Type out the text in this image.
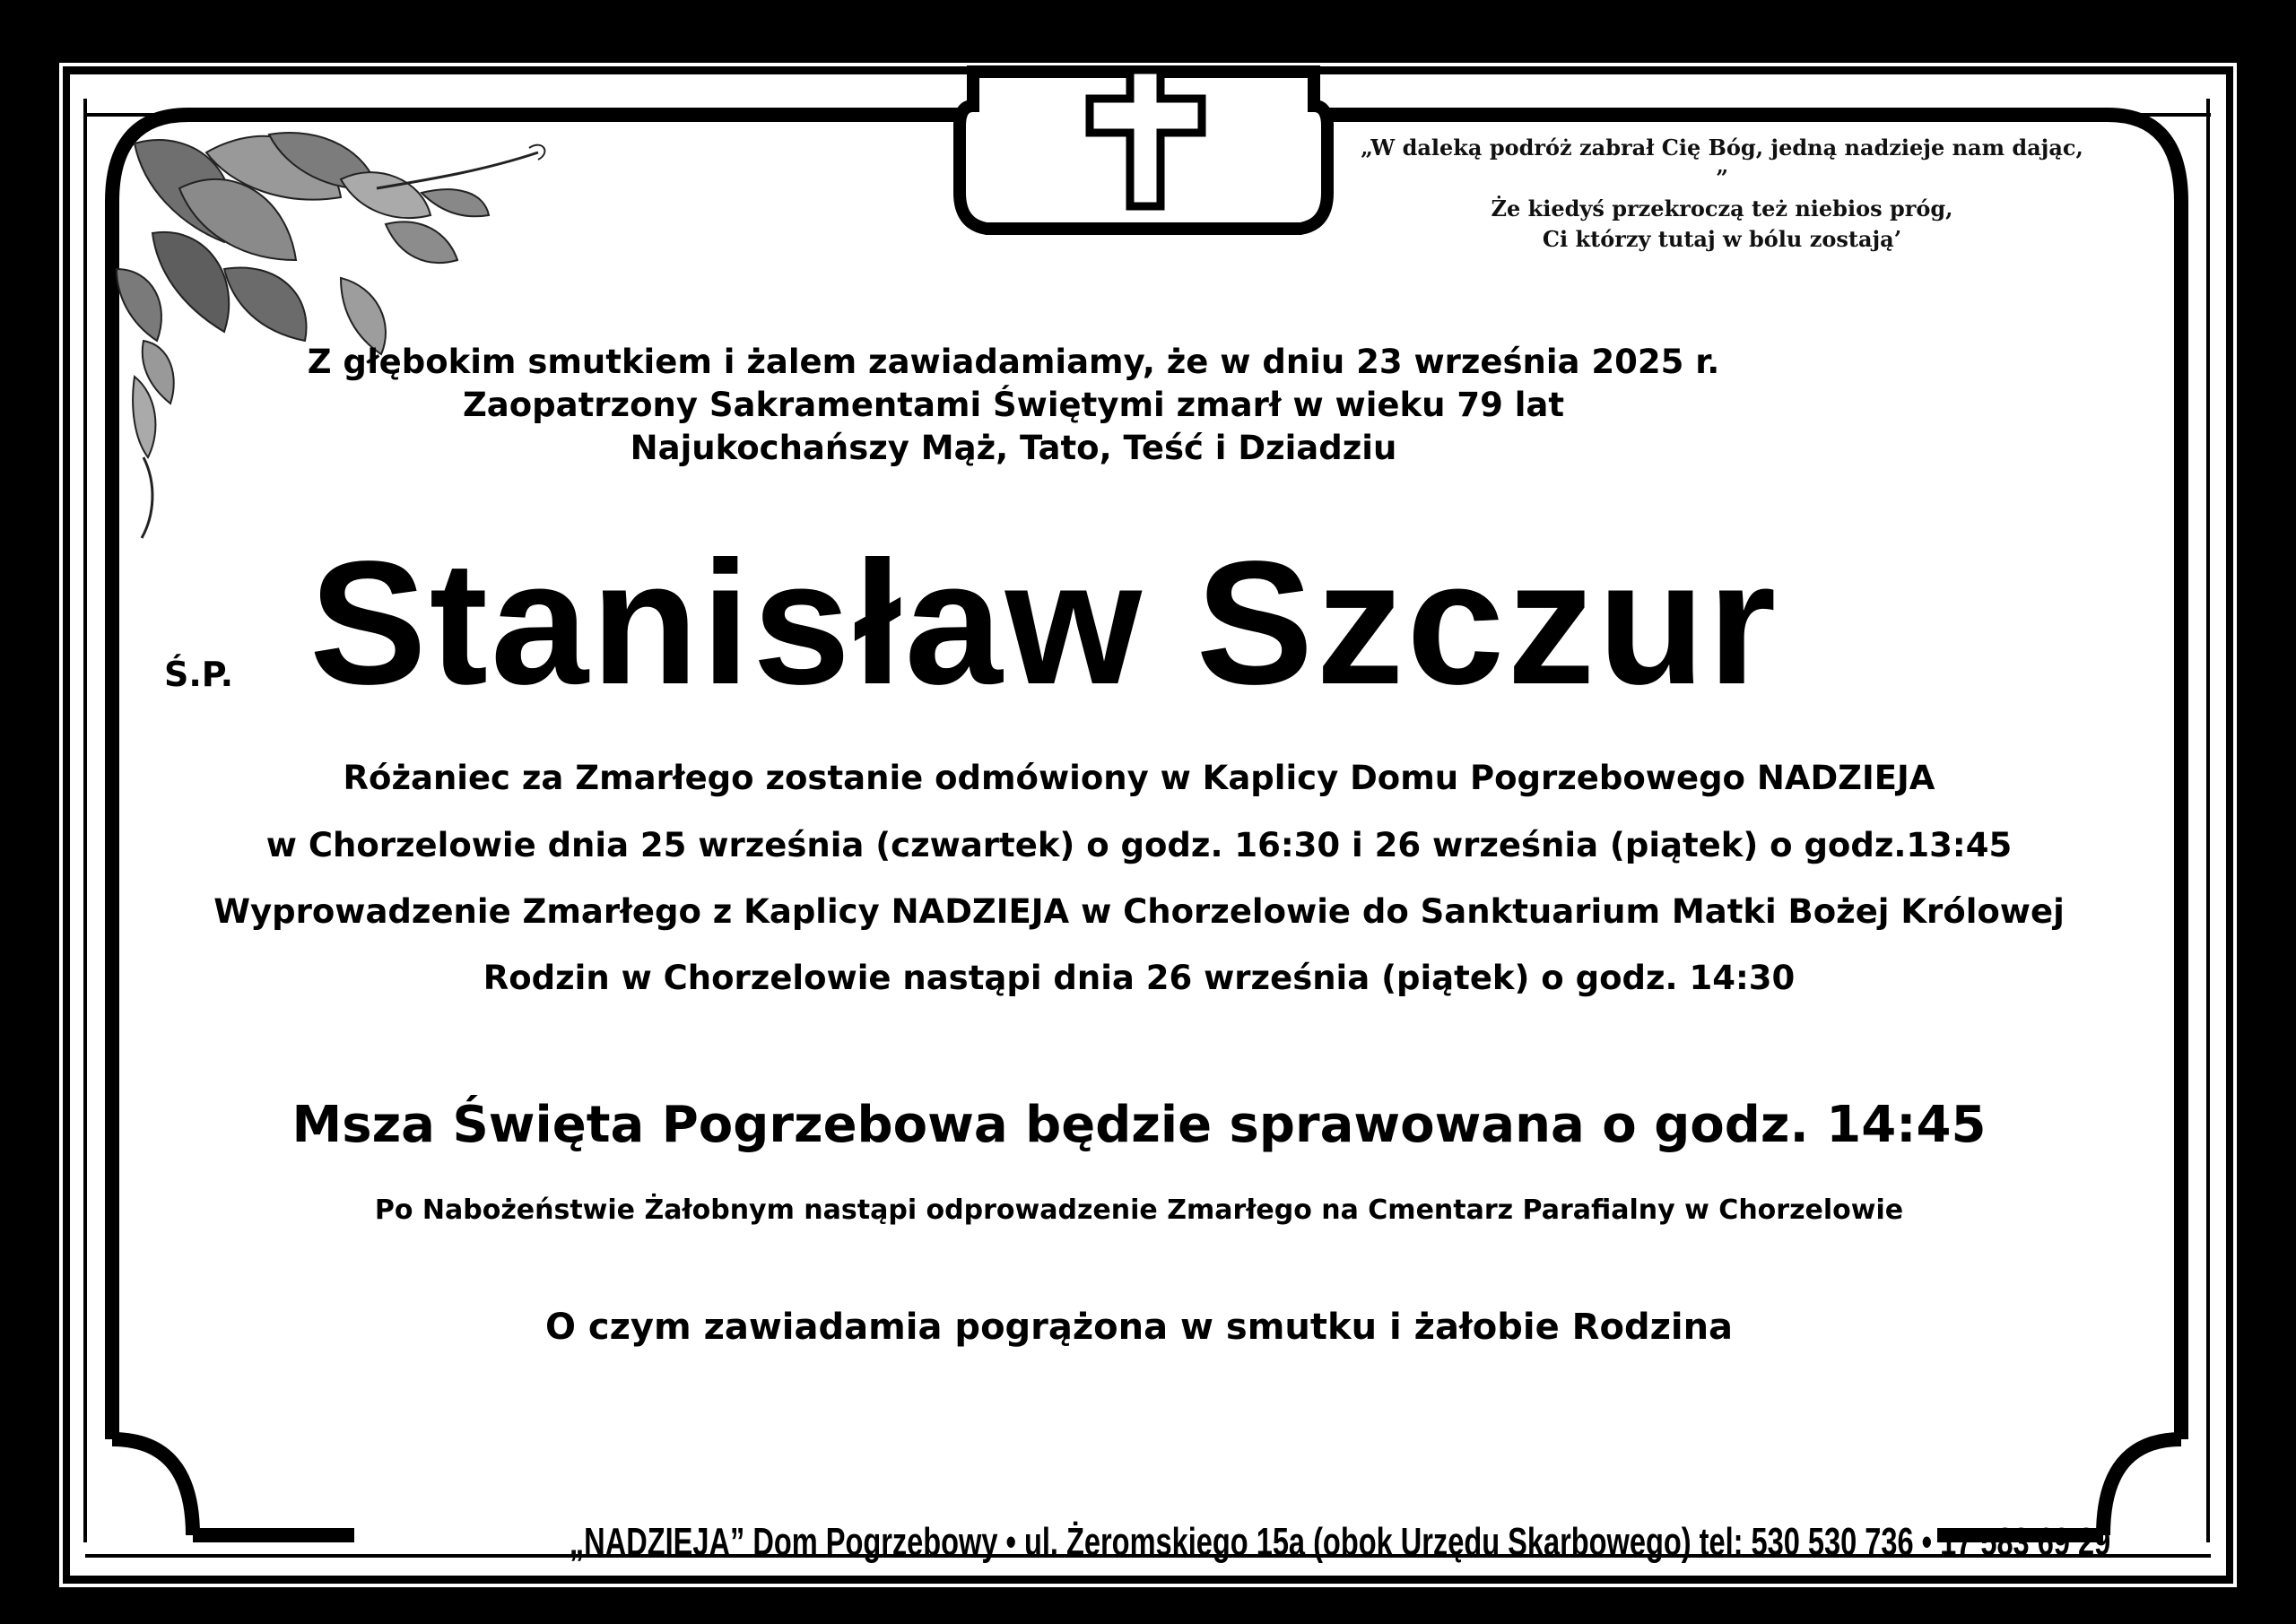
„W daleką podróż zabrał Cię Bóg, jedną nadzieje nam dając, ”
Że kiedyś przekroczą też niebios próg,
Ci którzy tutaj w bólu zostają’
Z głębokim smutkiem i żalem zawiadamiamy, że w dniu 23 września 2025 r.
Zaopatrzony Sakramentami Świętymi zmarł w wieku 79 lat
Najukochańszy Mąż, Tato, Teść i Dziadziu
Ś.P. Stanisław Szczur
Różaniec za Zmarłego zostanie odmówiony w Kaplicy Domu Pogrzebowego NADZIEJA
w Chorzelowie dnia 25 września (czwartek) o godz. 16:30 i 26 września (piątek) o godz.13:45
Wyprowadzenie Zmarłego z Kaplicy NADZIEJA w Chorzelowie do Sanktuarium Matki Bożej Królowej
Rodzin w Chorzelowie nastąpi dnia 26 września (piątek) o godz. 14:30
Msza Święta Pogrzebowa będzie sprawowana o godz. 14:45
Po Nabożeństwie Żałobnym nastąpi odprowadzenie Zmarłego na Cmentarz Parafialny w Chorzelowie
O czym zawiadamia pogrążona w smutku i żałobie Rodzina
„NADZIEJA” Dom Pogrzebowy • ul. Żeromskiego 15a (obok Urzędu Skarbowego) tel: 530 530 736 • 17 583 69 29
